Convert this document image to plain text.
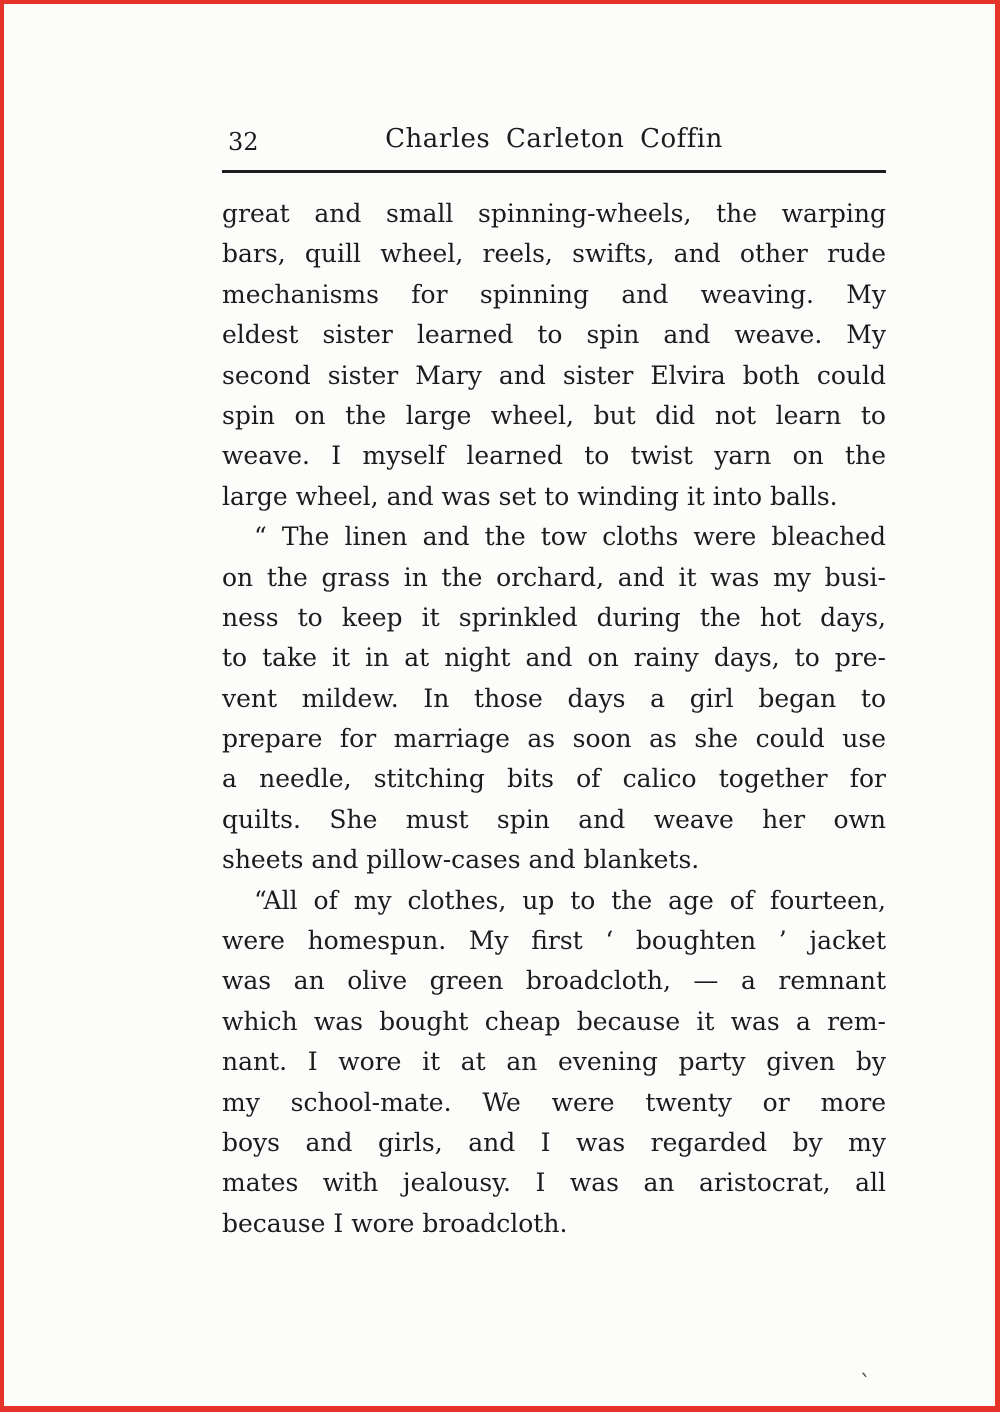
32	Charles Carleton Coffin
great and small spinning-wheels, the warping
bars, quill wheel, reels, swifts, and other rude
mechanisms for spinning and weaving. My
eldest sister learned to spin and weave. My
second sister Mary and sister Elvira both could
spin on the large wheel, but did not learn to
weave. I myself learned to twist yarn on the
large wheel, and was set to winding it into balls.
“ The linen and the tow cloths were bleached
on the grass in the orchard, and it was my busi-
ness to keep it sprinkled during the hot days,
to take it in at night and on rainy days, to pre-
vent mildew. In those days a girl began to
prepare for marriage as soon as she could use
a needle, stitching bits of calico together for
quilts. She must spin and weave her own
sheets and pillow-cases and blankets.
“All of my clothes, up to the age of fourteen,
were homespun. My first ‘ boughten ’ jacket
was an olive green broadcloth, — a remnant
which was bought cheap because it was a rem-
nant. I wore it at an evening party given by
my school-mate. We were twenty or more
boys and girls, and I was regarded by my
mates with jealousy. I was an aristocrat, all
because I wore broadcloth.
`
